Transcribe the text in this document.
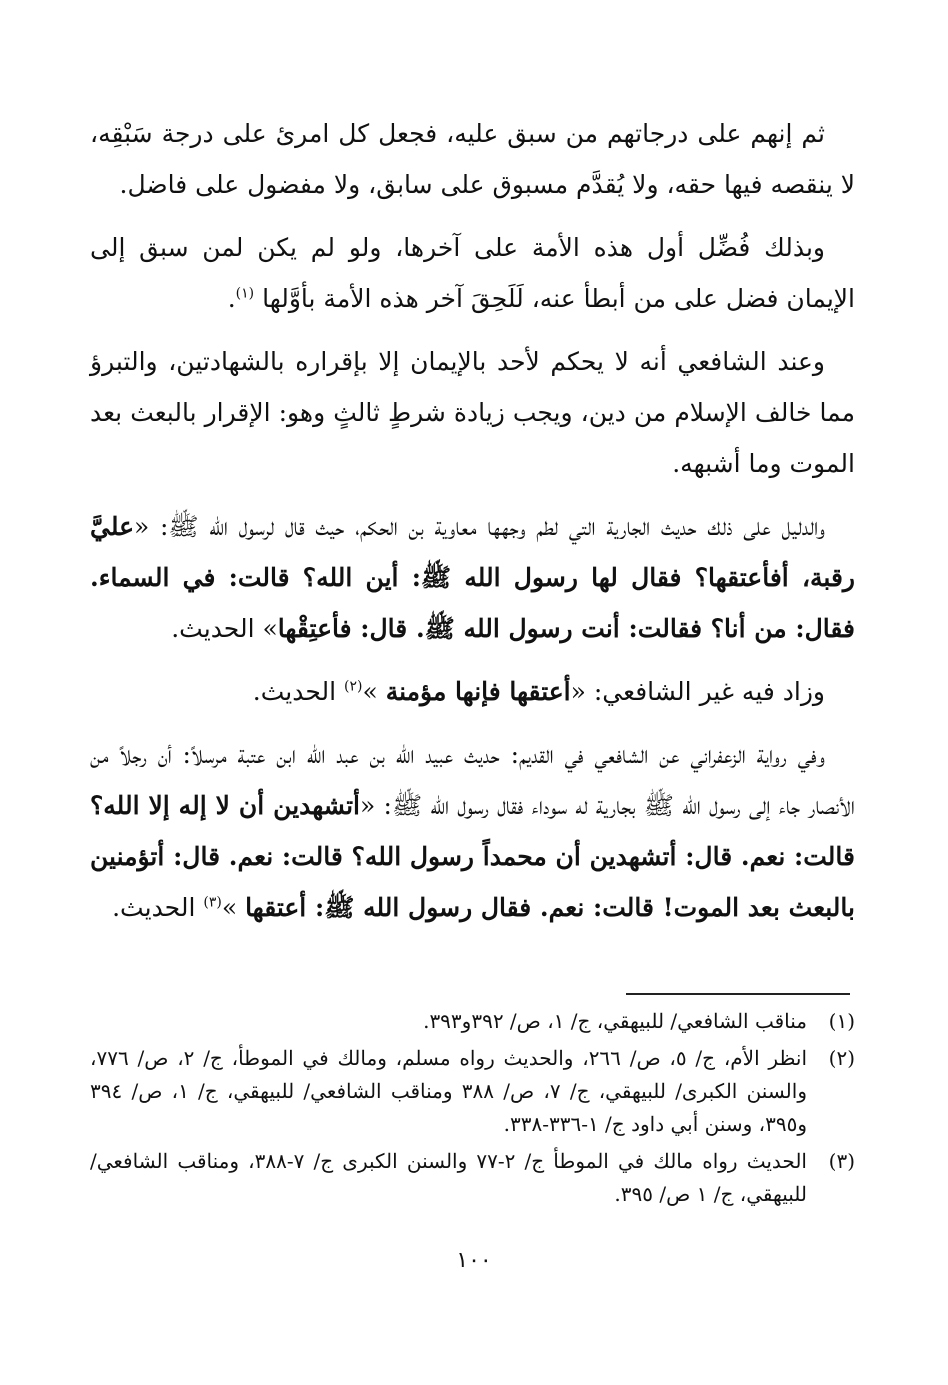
ثم إنهم على درجاتهم من سبق عليه، فجعل كل امرئ على درجة سَبْقِه، لا ينقصه فيها حقه، ولا يُقدَّم مسبوق على سابق، ولا مفضول على فاضل.

وبذلك فُضِّل أول هذه الأمة على آخرها، ولو لم يكن لمن سبق إلى الإيمان فضل على من أبطأ عنه، لَلَحِقَ آخر هذه الأمة بأوَّلها $^{(١)}$.

وعند الشافعي أنه لا يحكم لأحد بالإيمان إلا بإقراره بالشهادتين، والتبرؤ مما خالف الإسلام من دين، ويجب زيادة شرطٍ ثالثٍ وهو: الإقرار بالبعث بعد الموت وما أشبهه.

والدليل على ذلك حديث الجارية التي لطم وجهها معاوية بن الحكم، حيث قال لرسول الله ﷺ: «عليَّ رقبة، أفأعتقها؟ فقال لها رسول الله ﷺ: أين الله؟ قالت: في السماء. فقال: من أنا؟ فقالت: أنت رسول الله ﷺ. قال: فأعتِقْها» الحديث.

وزاد فيه غير الشافعي: «أعتقها فإنها مؤمنة »$^{(٢)}$ الحديث.

وفي رواية الزعفراني عن الشافعي في القديم: حديث عبيد الله بن عبد الله ابن عتبة مرسلاً: أن رجلاً من الأنصار جاء إلى رسول الله ﷺ بجارية له سوداء فقال رسول الله ﷺ: «أتشهدين أن لا إله إلا الله؟ قالت: نعم. قال: أتشهدين أن محمداً رسول الله؟ قالت: نعم. قال: أتؤمنين بالبعث بعد الموت! قالت: نعم. فقال رسول الله ﷺ: أعتقها »$^{(٣)}$ الحديث.

(١)
مناقب الشافعي/ للبيهقي، ج/ ١، ص/ ٣٩٢و٣٩٣.
(٢)
انظر الأم، ج/ ٥، ص/ ٢٦٦، والحديث رواه مسلم، ومالك في الموطأ، ج/ ٢، ص/ ٧٧٦، والسنن الكبرى/ للبيهقي، ج/ ٧، ص/ ٣٨٨ ومناقب الشافعي/ للبيهقي، ج/ ١، ص/ ٣٩٤ و٣٩٥، وسنن أبي داود ج/ ١-٣٣٦-٣٣٨.
(٣)
الحديث رواه مالك في الموطأ ج/ ٢-٧٧ والسنن الكبرى ج/ ٧-٣٨٨، ومناقب الشافعي/ للبيهقي، ج/ ١ ص/ ٣٩٥.
١٠٠
